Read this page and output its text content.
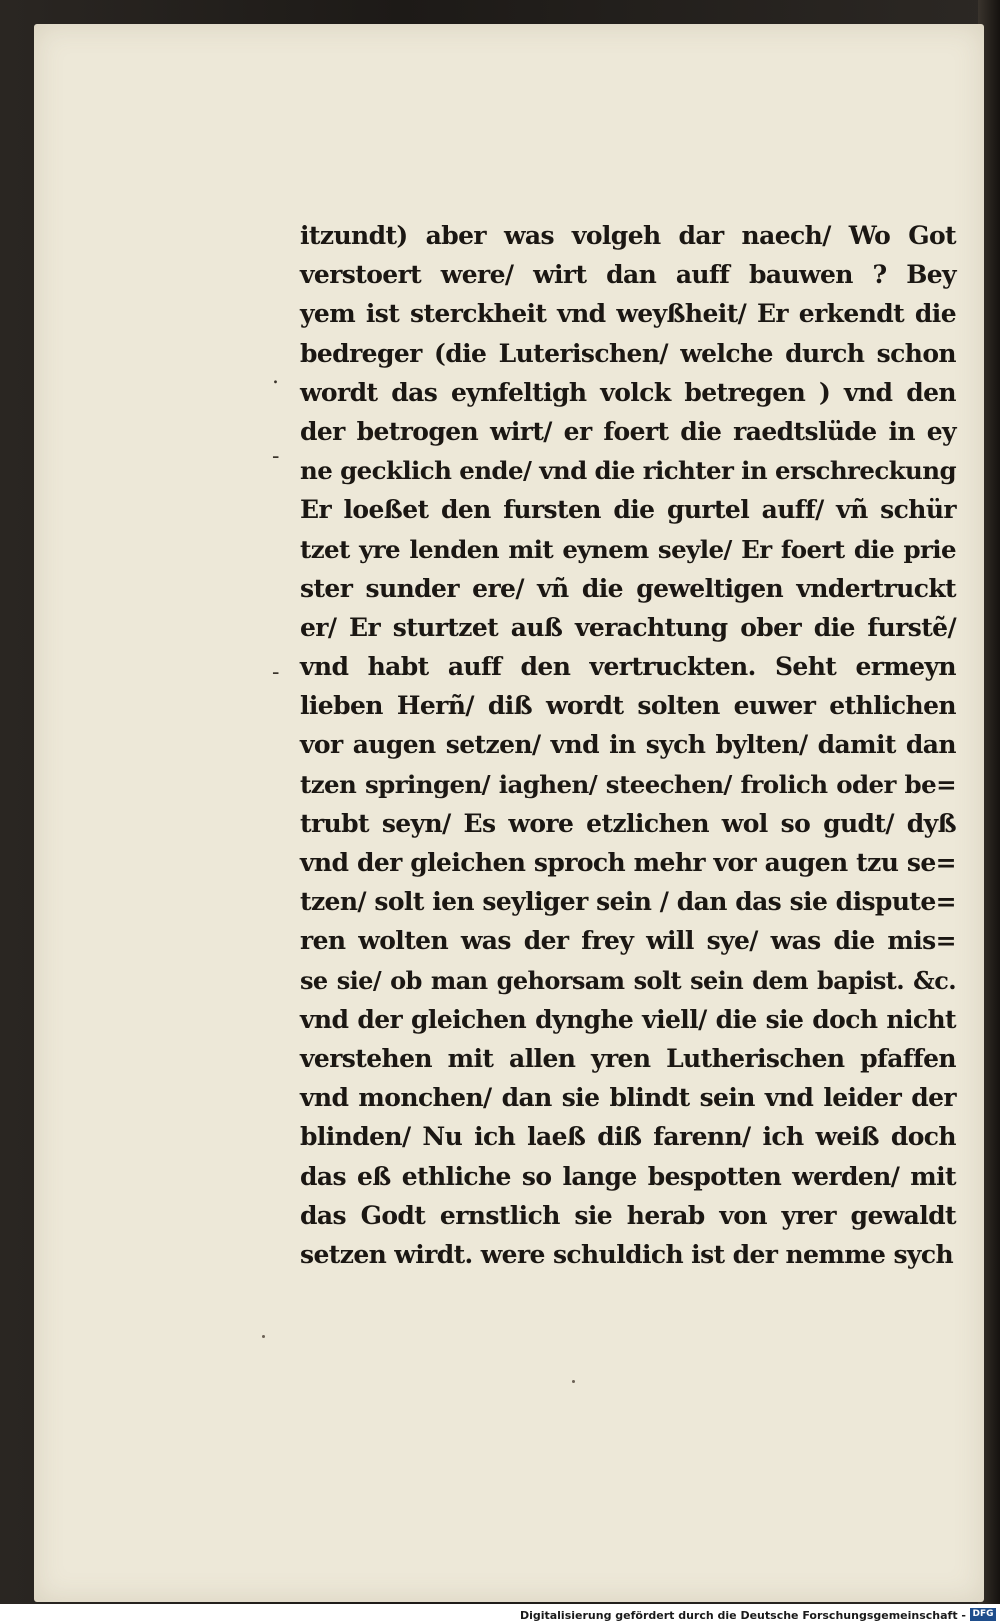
.
-
-
itzundt) aber was volgeh dar naech/ Wo Got
verstoert were/ wirt dan auff bauwen ? Bey
yem ist sterckheit vnd weyßheit/ Er erkendt die
bedreger (die Luterischen/ welche durch schon
wordt das eynfeltigh volck betregen ) vnd den
der betrogen wirt/ er foert die raedtslüde in ey
ne gecklich ende/ vnd die richter in erschreckung
Er loeßet den fursten die gurtel auff/ vñ schür
tzet yre lenden mit eynem seyle/ Er foert die prie
ster sunder ere/ vñ die geweltigen vndertruckt
er/ Er sturtzet auß verachtung ober die furstẽ/
vnd habt auff den vertruckten. Seht ermeyn
lieben Herñ/ diß wordt solten euwer ethlichen
vor augen setzen/ vnd in sych bylten/ damit dan
tzen springen/ iaghen/ steechen/ frolich oder be=
trubt seyn/ Es wore etzlichen wol so gudt/ dyß
vnd der gleichen sproch mehr vor augen tzu se=
tzen/ solt ien seyliger sein / dan das sie dispute=
ren wolten was der frey will sye/ was die mis=
se sie/ ob man gehorsam solt sein dem bapist. &c.
vnd der gleichen dynghe viell/ die sie doch nicht
verstehen mit allen yren Lutherischen pfaffen
vnd monchen/ dan sie blindt sein vnd leider der
blinden/ Nu ich laeß diß farenn/ ich weiß doch
das eß ethliche so lange bespotten werden/ mit
das Godt ernstlich sie herab von yrer gewaldt
setzen wirdt. were schuldich ist der nemme sych
Digitalisierung gefördert durch die Deutsche Forschungsgemeinschaft - DFG
